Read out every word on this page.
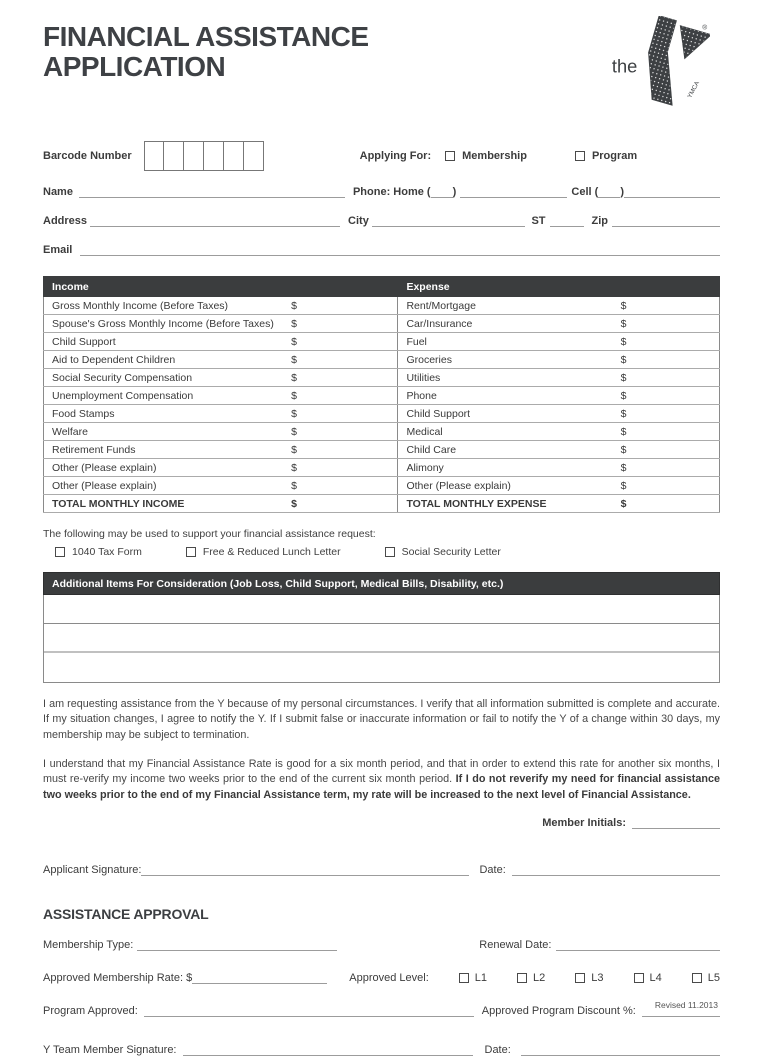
FINANCIAL ASSISTANCE
APPLICATION	the
®
YMCA
Barcode Number	Applying For:	Membership	Program
Name	Phone: Home ( )	Cell ( )
Address	City	ST	Zip
Email
Income		Expense	
Gross Monthly Income (Before Taxes)	$	Rent/Mortgage	$
Spouse's Gross Monthly Income (Before Taxes)	$	Car/Insurance	$
Child Support	$	Fuel	$
Aid to Dependent Children	$	Groceries	$
Social Security Compensation	$	Utilities	$
Unemployment Compensation	$	Phone	$
Food Stamps	$	Child Support	$
Welfare	$	Medical	$
Retirement Funds	$	Child Care	$
Other (Please explain)	$	Alimony	$
Other (Please explain)	$	Other (Please explain)	$
TOTAL MONTHLY INCOME	$	TOTAL MONTHLY EXPENSE	$
The following may be used to support your financial assistance request:
1040 Tax Form	Free & Reduced Lunch Letter	Social Security Letter
Additional Items For Consideration (Job Loss, Child Support, Medical Bills, Disability, etc.)
I am requesting assistance from the Y because of my personal circumstances. I verify that all information submitted is complete and accurate. If my situation changes, I agree to notify the Y. If I submit false or inaccurate information or fail to notify the Y of a change within 30 days, my membership may be subject to termination.
I understand that my Financial Assistance Rate is good for a six month period, and that in order to extend this rate for another six months, I must re-verify my income two weeks prior to the end of the current six month period. If I do not reverify my need for financial assistance two weeks prior to the end of my Financial Assistance term, my rate will be increased to the next level of Financial Assistance.
Member Initials:
Applicant Signature:	Date:
ASSISTANCE APPROVAL
Membership Type:	Renewal Date:
Approved Membership Rate: $	Approved Level:	L1	L2	L3	L4	L5
Program Approved:	Approved Program Discount %:
Y Team Member Signature:	Date:
Revised 11.2013
